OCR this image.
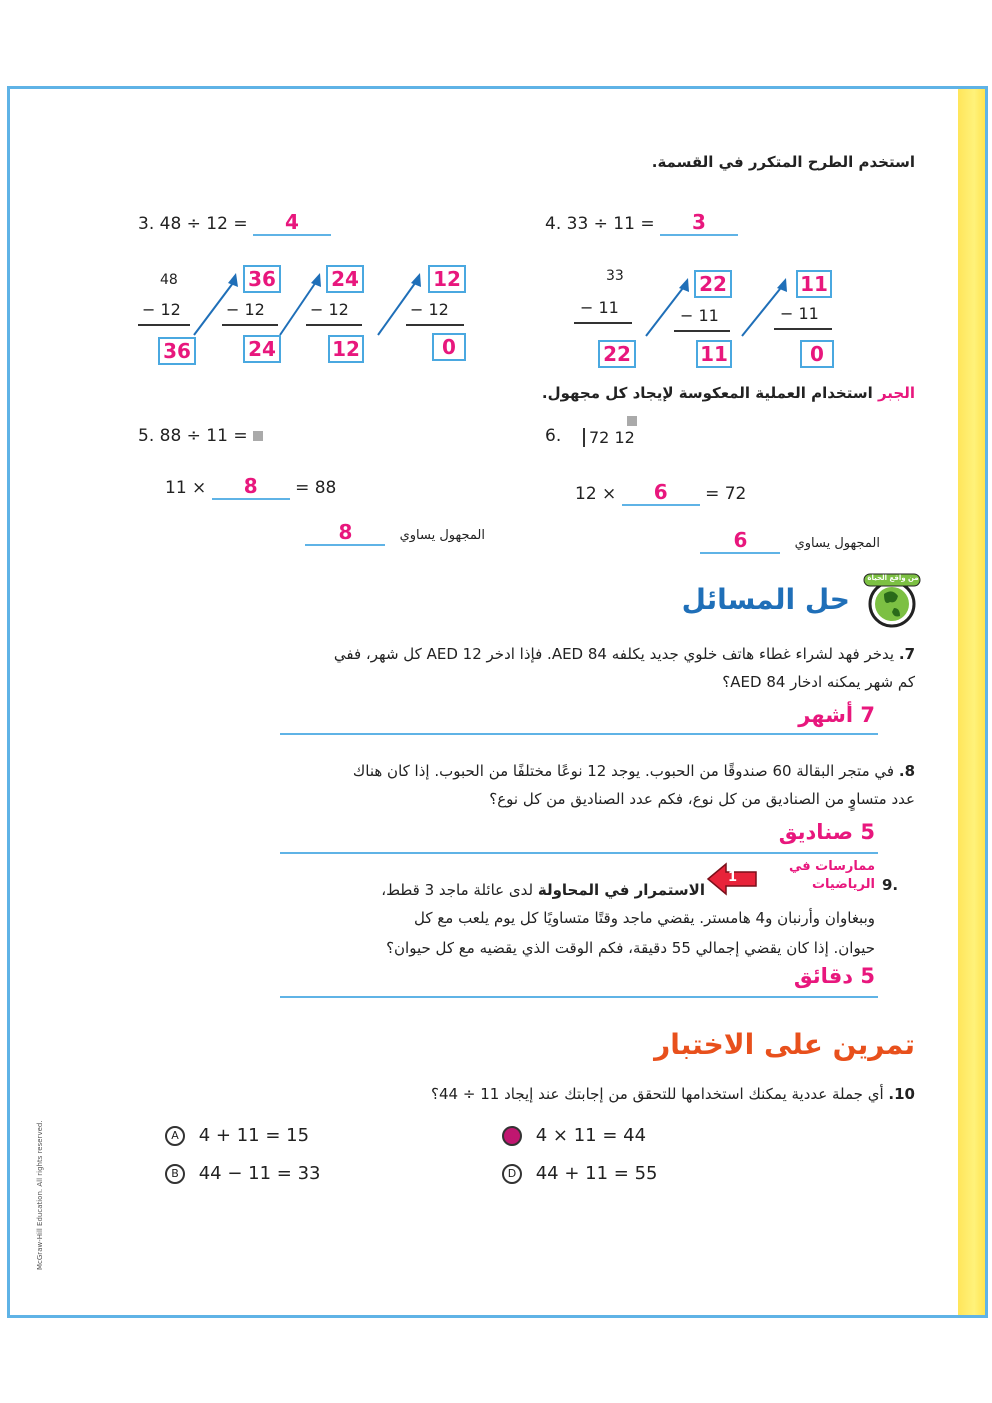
McGraw-Hill Education. All rights reserved.
استخدم الطرح المتكرر في القسمة.
3. 48 ÷ 12 = 4
48
− 12
36
36
− 12
24
24
− 12
12
12
− 12
0
4. 33 ÷ 11 = 3
33
− 11
22
22
− 11
11
11
− 11
0
الجبر استخدام العملية المعكوسة لإيجاد كل مجهول.
5. 88 ÷ 11 =
11 × 8 = 88
المجهول يساوي 8
6.	72 12
12 × 6 = 72
المجهول يساوي 6
من واقع الحياة
حل المسائل
7. يدخر فهد لشراء غطاء هاتف خلوي جديد يكلفه 84 AED. فإذا ادخر 12 AED كل شهر، ففي
كم شهر يمكنه ادخار 84 AED؟
7 أشهر
8. في متجر البقالة 60 صندوقًا من الحبوب. يوجد 12 نوعًا مختلفًا من الحبوب. إذا كان هناك
عدد متساوٍ من الصناديق من كل نوع، فكم عدد الصناديق من كل نوع؟
5 صناديق
ممارسات في
الرياضيات 9.
1
الاستمرار في المحاولة لدى عائلة ماجد 3 قطط،
وببغاوان وأرنبان و4 هامستر. يقضي ماجد وقتًا متساويًا كل يوم يلعب مع كل
حيوان. إذا كان يقضي إجمالي 55 دقيقة، فكم الوقت الذي يقضيه مع كل حيوان؟
5 دقائق
تمرين على الاختبار
10. أي جملة عددية يمكنك استخدامها للتحقق من إجابتك عند إيجاد 11 ÷ 44؟
A 4 + 11 = 15
B 44 − 11 = 33
C 4 × 11 = 44
D 44 + 11 = 55
